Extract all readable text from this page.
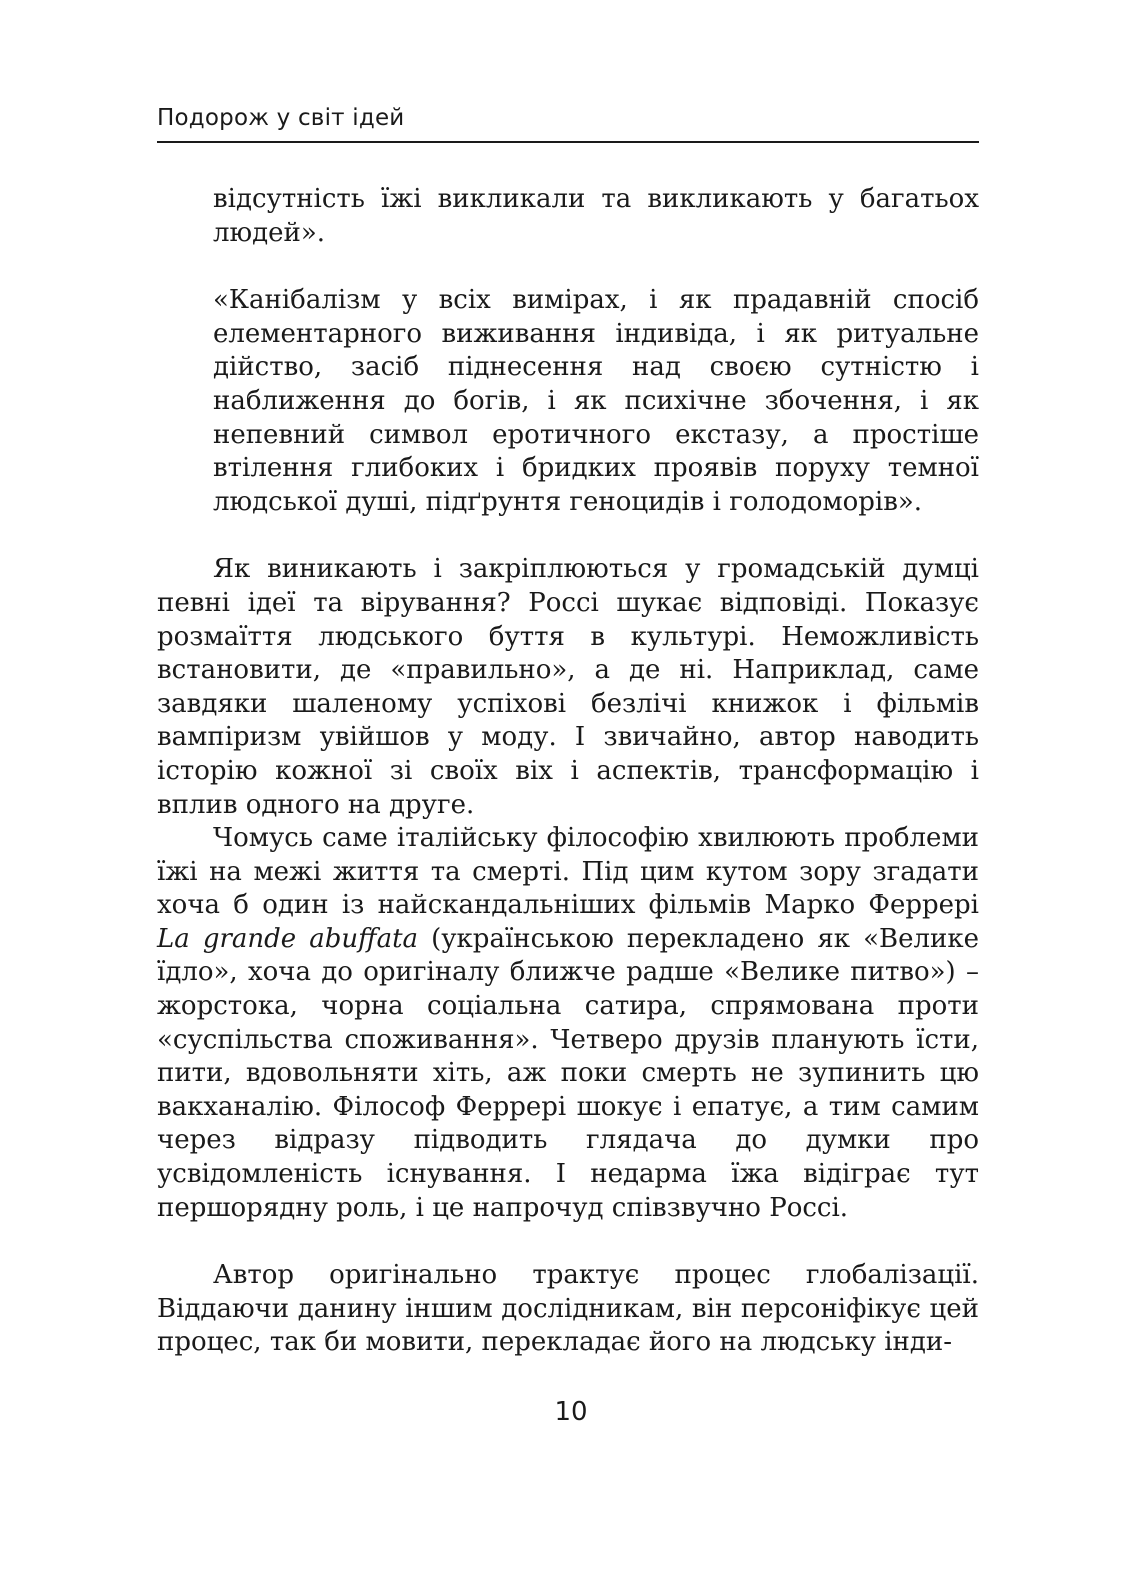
Подорож у світ ідей

відсутність їжі викликали та викликають у багатьох людей».

«Канібалізм у всіх вимірах, і як прадавній спосіб елементарного виживання індивіда, і як ритуальне дійство, засіб піднесення над своєю сутністю і наближення до богів, і як психічне збочення, і як непевний символ еротичного екстазу, а простіше втілення глибоких і бридких проявів поруху темної людської душі, підґрунтя геноцидів і голодоморів».

Як виникають і закріплюються у громадській думці певні ідеї та вірування? Россі шукає відповіді. Показує розмаїття людського буття в культурі. Неможливість встановити, де «правильно», а де ні. Наприклад, саме завдяки шаленому успіхові безлічі книжок і фільмів вампіризм увійшов у моду. І звичайно, автор наводить історію кожної зі своїх віх і аспектів, трансформацію і вплив одного на друге.

Чомусь саме італійську філософію хвилюють проблеми їжі на межі життя та смерті. Під цим кутом зору згадати хоча б один із найскандальніших фільмів Марко Феррері La grande abuffata (українською перекладено як «Велике їдло», хоча до оригіналу ближче радше «Велике питво») – жорстока, чорна соціальна сатира, спрямована проти «суспільства споживання». Четверо друзів планують їсти, пити, вдовольняти хіть, аж поки смерть не зупинить цю вакханалію. Філософ Феррері шокує і епатує, а тим самим через відразу підводить глядача до думки про усвідомленість існування. І недарма їжа відіграє тут першорядну роль, і це напрочуд співзвучно Россі.

Автор оригінально трактує процес глобалізації. Віддаючи данину іншим дослідникам, він персоніфікує цей процес, так би мовити, перекладає його на людську інди-

10
